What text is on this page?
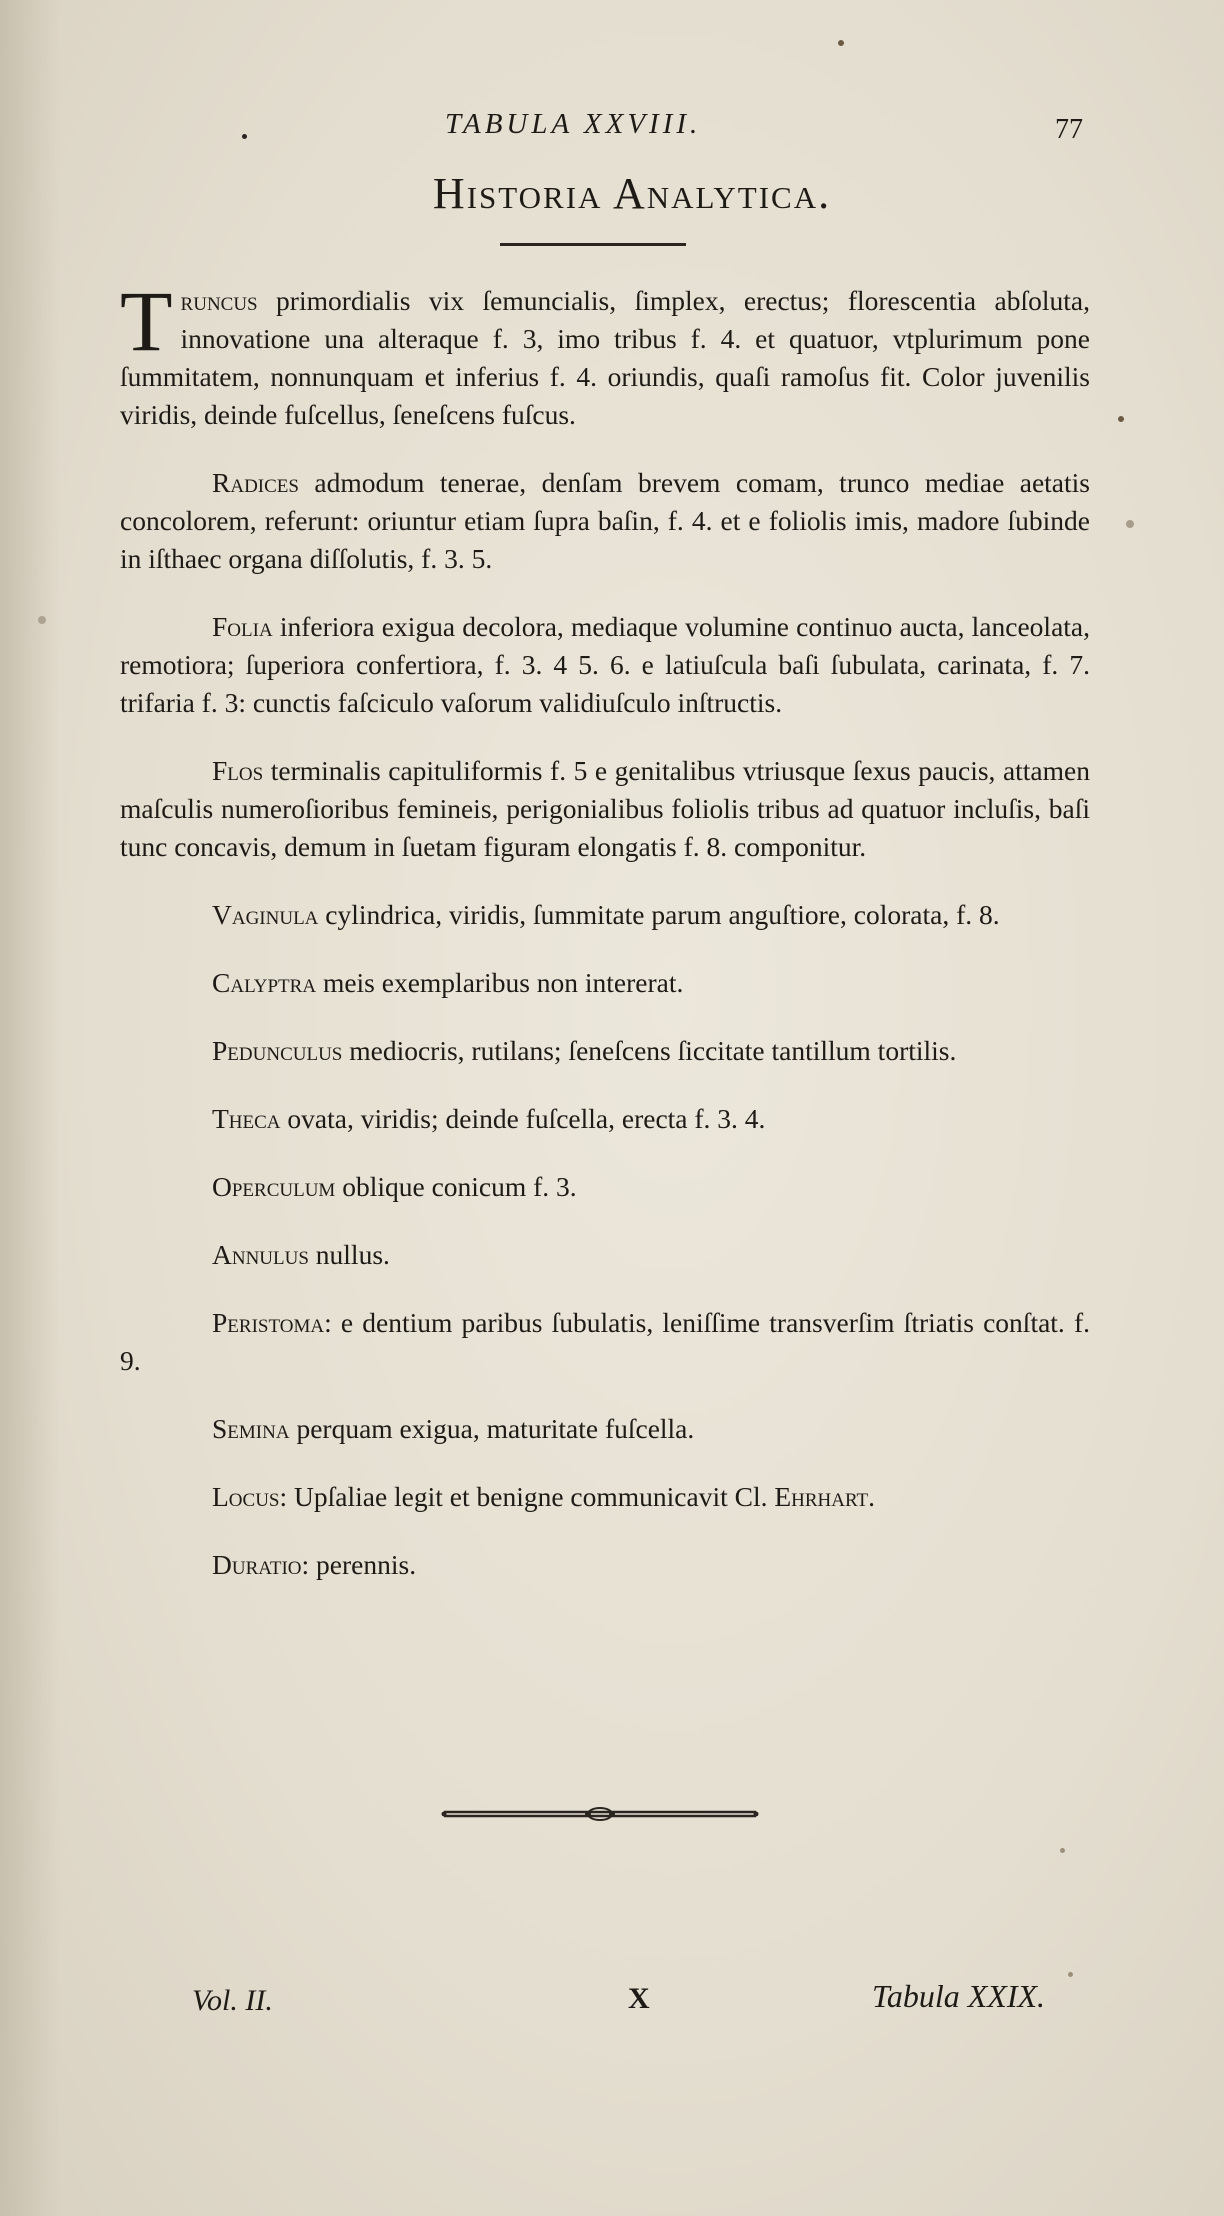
TABULA XXVIII.	77
Historia Analytica.

Truncus primordialis vix ſemuncialis, ſimplex, erectus; florescentia abſoluta, innovatione una alteraque f. 3, imo tribus f. 4. et quatuor, vtplurimum pone ſummitatem, nonnunquam et inferius f. 4. oriundis, quaſi ramoſus fit. Color juvenilis viridis, deinde fuſcellus, ſeneſcens fuſcus.

Radices admodum tenerae, denſam brevem comam, trunco mediae aetatis concolorem, referunt: oriuntur etiam ſupra baſin, f. 4. et e foliolis imis, madore ſubinde in iſthaec organa diſſolutis, f. 3. 5.

Folia inferiora exigua decolora, mediaque volumine continuo aucta, lanceolata, remotiora; ſuperiora confertiora, f. 3. 4 5. 6. e latiuſcula baſi ſubulata, carinata, f. 7. trifaria f. 3: cunctis faſciculo vaſorum validiuſculo inſtructis.

Flos terminalis capituliformis f. 5 e genitalibus vtriusque ſexus paucis, attamen maſculis numeroſioribus femineis, perigonialibus foliolis tribus ad quatuor incluſis, baſi tunc concavis, demum in ſuetam figuram elongatis f. 8. componitur.

Vaginula cylindrica, viridis, ſummitate parum anguſtiore, colorata, f. 8.

Calyptra meis exemplaribus non intererat.

Pedunculus mediocris, rutilans; ſeneſcens ſiccitate tantillum tortilis.

Theca ovata, viridis; deinde fuſcella, erecta f. 3. 4.

Operculum oblique conicum f. 3.

Annulus nullus.

Peristoma: e dentium paribus ſubulatis, leniſſime transverſim ſtriatis conſtat. f. 9.

Semina perquam exigua, maturitate fuſcella.

Locus: Upſaliae legit et benigne communicavit Cl. Ehrhart.

Duratio: perennis.

Vol. II.	X	Tabula XXIX.
